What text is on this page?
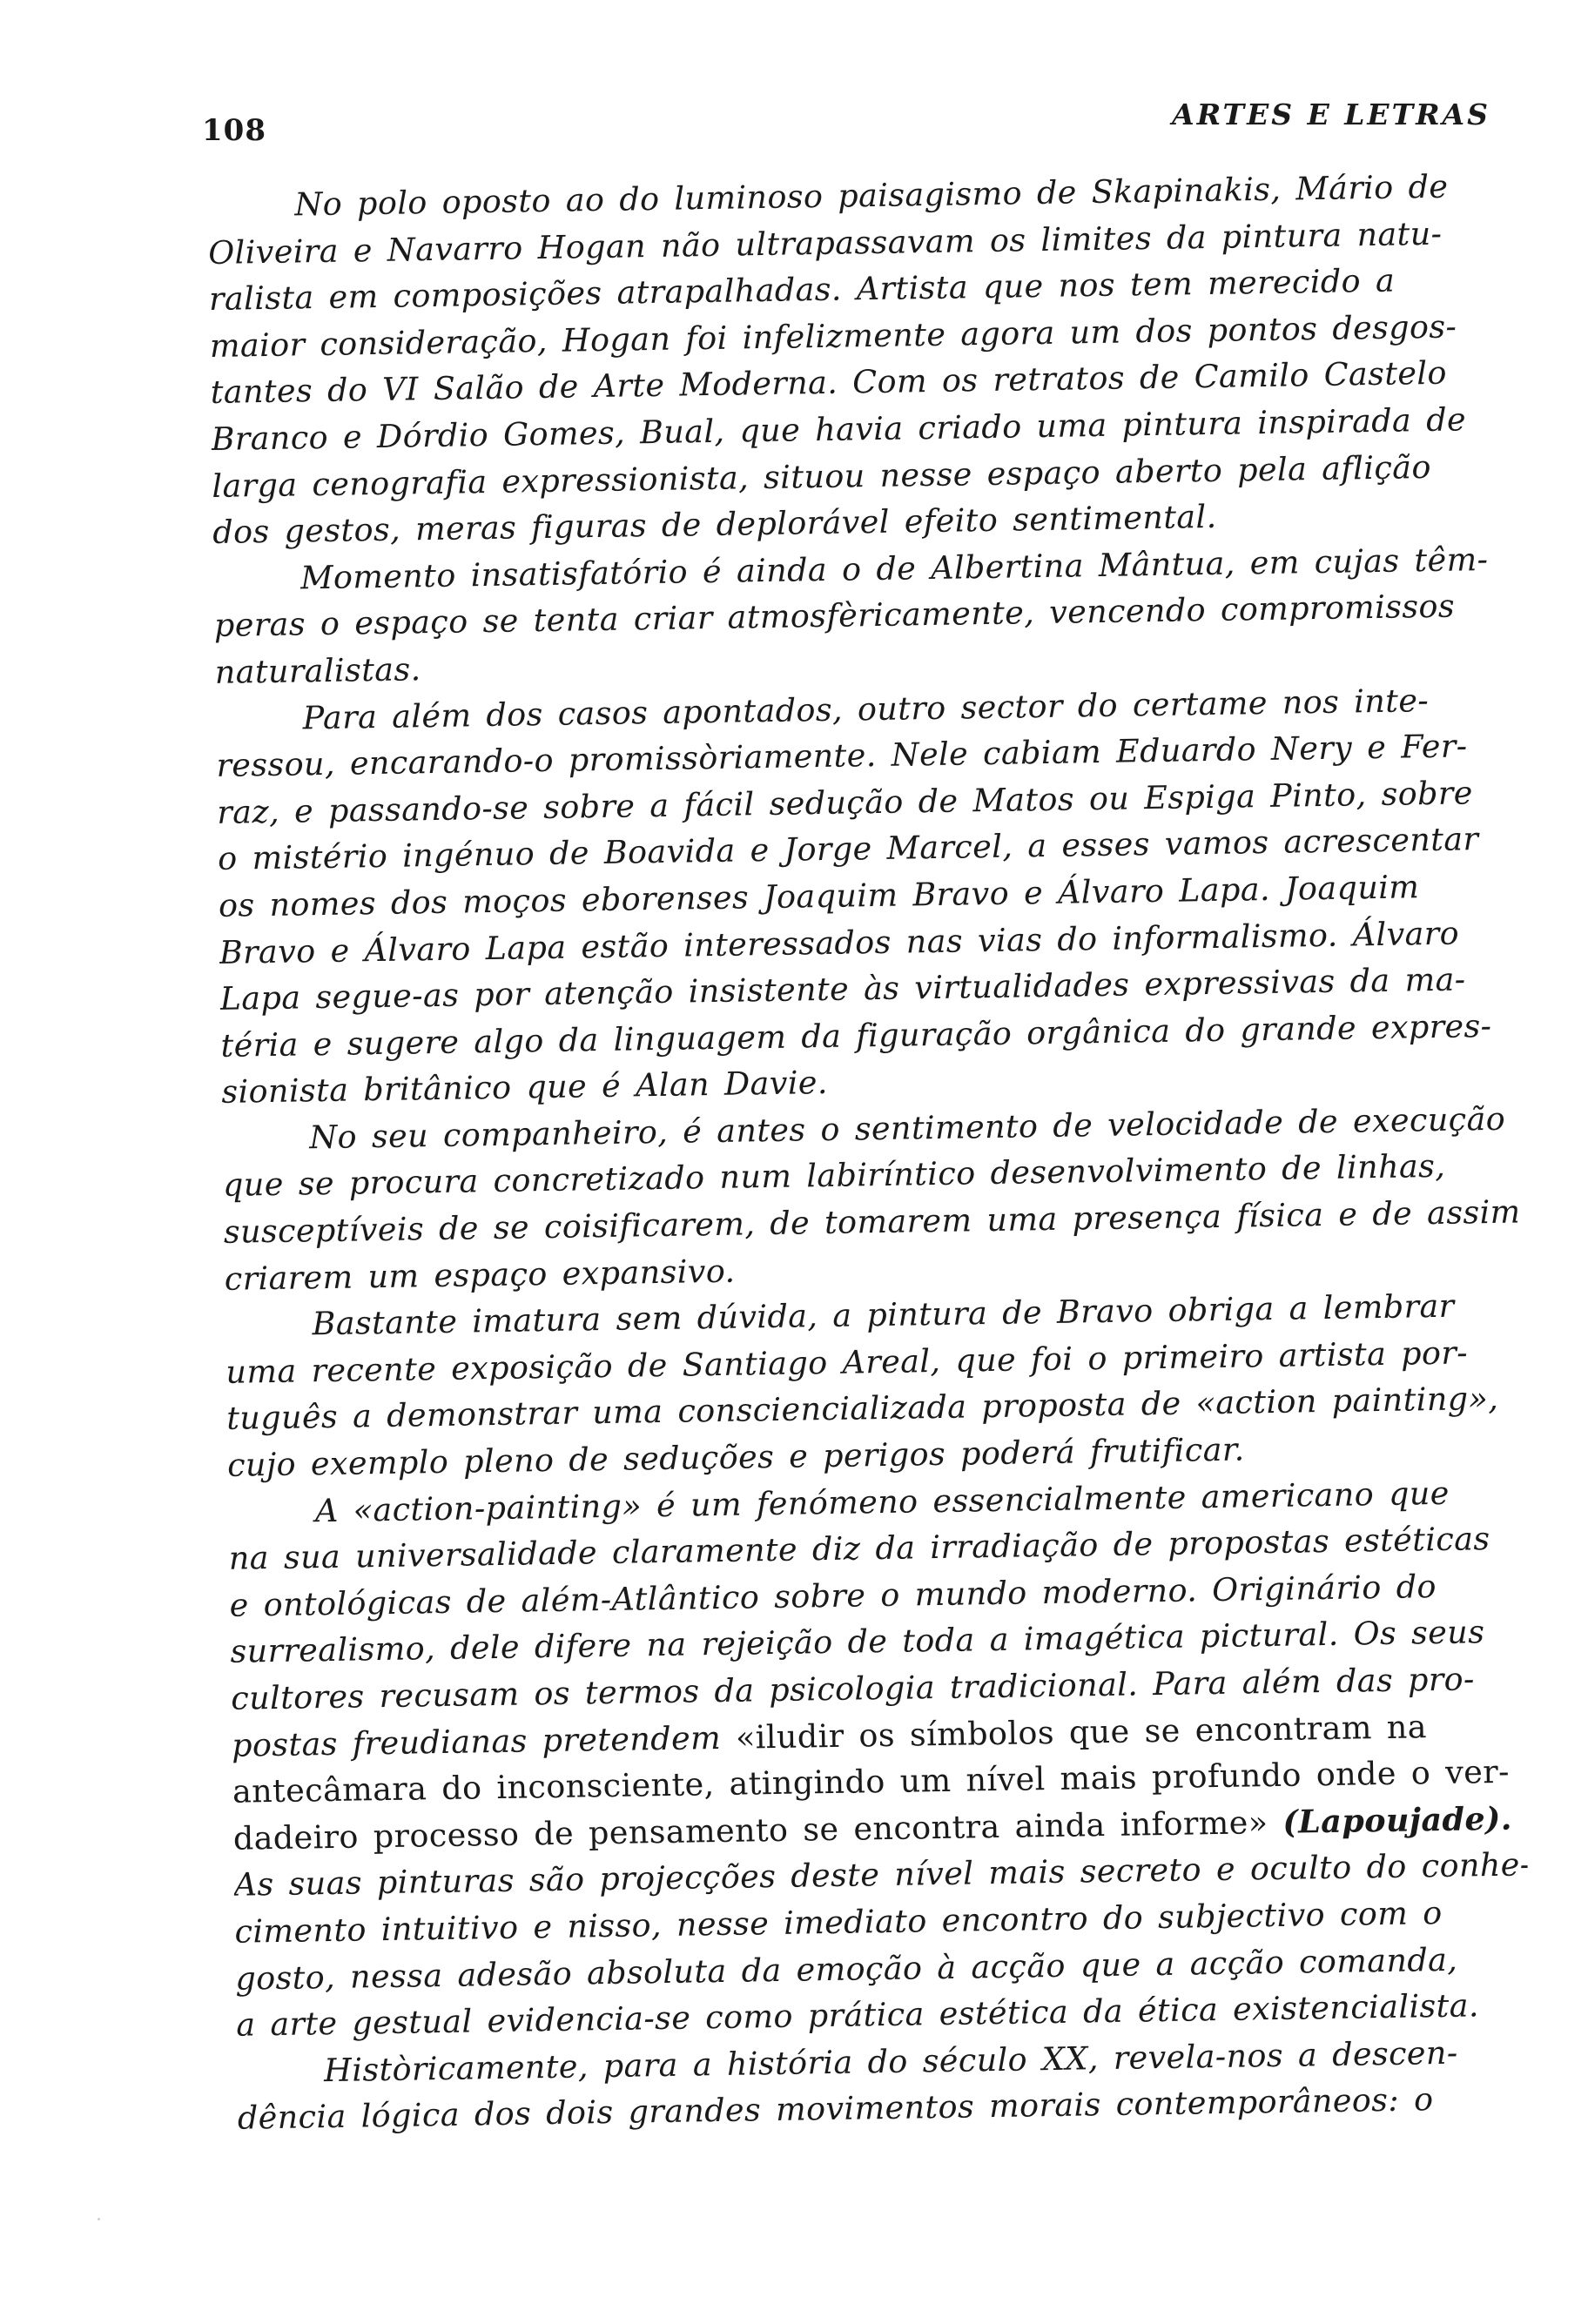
108	ARTES E LETRAS
No polo oposto ao do luminoso paisagismo de Skapinakis, Mário de
Oliveira e Navarro Hogan não ultrapassavam os limites da pintura natu-
ralista em composições atrapalhadas. Artista que nos tem merecido a
maior consideração, Hogan foi infelizmente agora um dos pontos desgos-
tantes do VI Salão de Arte Moderna. Com os retratos de Camilo Castelo
Branco e Dórdio Gomes, Bual, que havia criado uma pintura inspirada de
larga cenografia expressionista, situou nesse espaço aberto pela aflição
dos gestos, meras figuras de deplorável efeito sentimental.
Momento insatisfatório é ainda o de Albertina Mântua, em cujas têm-
peras o espaço se tenta criar atmosfèricamente, vencendo compromissos
naturalistas.
Para além dos casos apontados, outro sector do certame nos inte-
ressou, encarando-o promissòriamente. Nele cabiam Eduardo Nery e Fer-
raz, e passando-se sobre a fácil sedução de Matos ou Espiga Pinto, sobre
o mistério ingénuo de Boavida e Jorge Marcel, a esses vamos acrescentar
os nomes dos moços eborenses Joaquim Bravo e Álvaro Lapa. Joaquim
Bravo e Álvaro Lapa estão interessados nas vias do informalismo. Álvaro
Lapa segue-as por atenção insistente às virtualidades expressivas da ma-
téria e sugere algo da linguagem da figuração orgânica do grande expres-
sionista britânico que é Alan Davie.
No seu companheiro, é antes o sentimento de velocidade de execução
que se procura concretizado num labiríntico desenvolvimento de linhas,
susceptíveis de se coisificarem, de tomarem uma presença física e de assim
criarem um espaço expansivo.
Bastante imatura sem dúvida, a pintura de Bravo obriga a lembrar
uma recente exposição de Santiago Areal, que foi o primeiro artista por-
tuguês a demonstrar uma consciencializada proposta de «action painting»,
cujo exemplo pleno de seduções e perigos poderá frutificar.
A «action-painting» é um fenómeno essencialmente americano que
na sua universalidade claramente diz da irradiação de propostas estéticas
e ontológicas de além-Atlântico sobre o mundo moderno. Originário do
surrealismo, dele difere na rejeição de toda a imagética pictural. Os seus
cultores recusam os termos da psicologia tradicional. Para além das pro-
postas freudianas pretendem «iludir os símbolos que se encontram na
antecâmara do inconsciente, atingindo um nível mais profundo onde o ver-
dadeiro processo de pensamento se encontra ainda informe» (Lapoujade).
As suas pinturas são projecções deste nível mais secreto e oculto do conhe-
cimento intuitivo e nisso, nesse imediato encontro do subjectivo com o
gosto, nessa adesão absoluta da emoção à acção que a acção comanda,
a arte gestual evidencia-se como prática estética da ética existencialista.
Històricamente, para a história do século XX, revela-nos a descen-
dência lógica dos dois grandes movimentos morais contemporâneos: o
